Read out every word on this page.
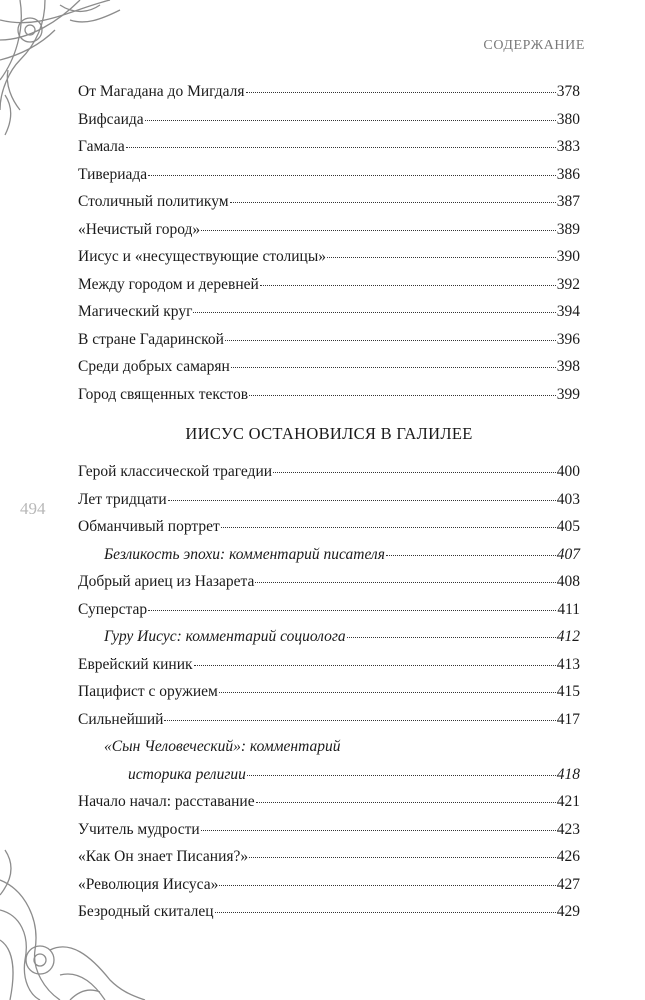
СОДЕРЖАНИЕ
494
От Магадана до Мигдаля	378
Вифсаида	380
Гамала	383
Тивериада	386
Столичный политикум	387
«Нечистый город»	389
Иисус и «несуществующие столицы»	390
Между городом и деревней	392
Магический круг	394
В стране Гадаринской	396
Среди добрых самарян	398
Город священных текстов	399
ИИСУС ОСТАНОВИЛСЯ В ГАЛИЛЕЕ
Герой классической трагедии	400
Лет тридцати	403
Обманчивый портрет	405
Безликость эпохи: комментарий писателя	407
Добрый ариец из Назарета	408
Суперстар	411
Гуру Иисус: комментарий социолога	412
Еврейский киник	413
Пацифист с оружием	415
Сильнейший	417
«Сын Человеческий»: комментарий
историка религии	418
Начало начал: расставание	421
Учитель мудрости	423
«Как Он знает Писания?»	426
«Революция Иисуса»	427
Безродный скиталец	429
